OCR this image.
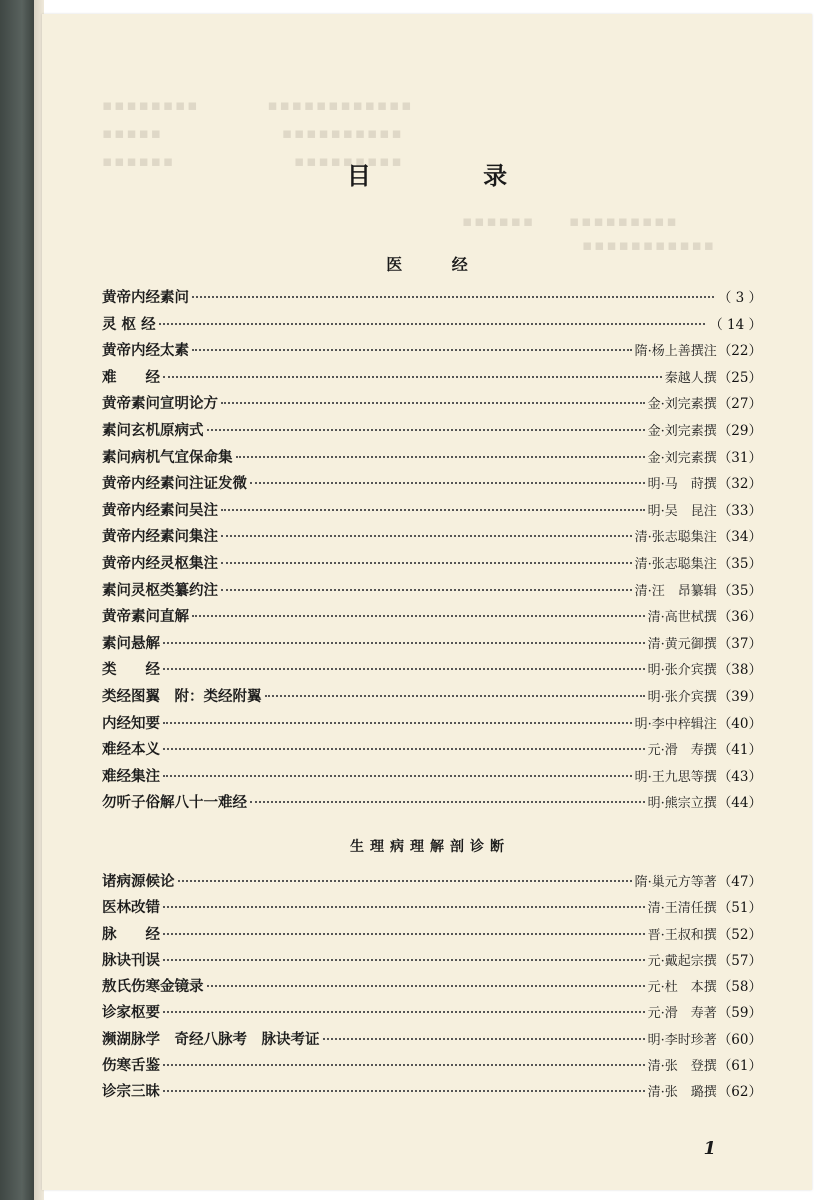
▪▪▪▪▪▪▪▪　　　　▪▪▪▪▪▪▪▪▪▪▪▪
▪▪▪▪▪　　　　　　　▪▪▪▪▪▪▪▪▪▪
▪▪▪▪▪▪　　　　　　　▪▪▪▪▪▪▪▪▪
▪▪▪▪▪▪　　▪▪▪▪▪▪▪▪▪
▪▪▪▪▪▪▪▪▪▪▪
目 录
医 经
黄帝内经素问	（ 3 ）
灵 枢 经	（ 14 ）
黄帝内经太素	隋·杨上善撰注 （22）
难　　经	秦越人撰 （25）
黄帝素问宣明论方	金·刘完素撰 （27）
素问玄机原病式	金·刘完素撰 （29）
素问病机气宜保命集	金·刘完素撰 （31）
黄帝内经素问注证发微	明·马　莳撰 （32）
黄帝内经素问吴注	明·吴　昆注 （33）
黄帝内经素问集注	清·张志聪集注 （34）
黄帝内经灵枢集注	清·张志聪集注 （35）
素问灵枢类纂约注	清·汪　昂纂辑 （35）
黄帝素问直解	清·高世栻撰 （36）
素问悬解	清·黄元御撰 （37）
类　　经	明·张介宾撰 （38）
类经图翼　附：类经附翼	明·张介宾撰 （39）
内经知要	明·李中梓辑注 （40）
难经本义	元·滑　寿撰 （41）
难经集注	明·王九思等撰 （43）
勿听子俗解八十一难经	明·熊宗立撰 （44）
生理病理解剖诊断
诸病源候论	隋·巢元方等著 （47）
医林改错	清·王清任撰 （51）
脉　　经	晋·王叔和撰 （52）
脉诀刊误	元·戴起宗撰 （57）
敖氏伤寒金镜录	元·杜　本撰 （58）
诊家枢要	元·滑　寿著 （59）
濒湖脉学　奇经八脉考　脉诀考证	明·李时珍著 （60）
伤寒舌鉴	清·张　登撰 （61）
诊宗三昧	清·张　璐撰 （62）
1
